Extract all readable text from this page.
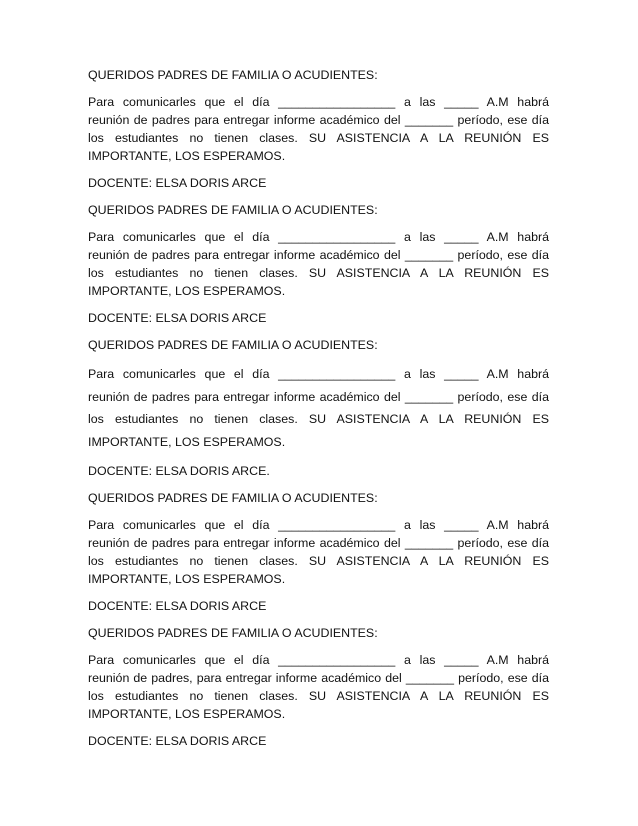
QUERIDOS PADRES DE FAMILIA O ACUDIENTES:

Para comunicarles que el día _________________ a las _____ A.M habrá
reunión de padres para entregar informe académico del _______ período, ese día
los estudiantes no tienen clases. SU ASISTENCIA A LA REUNIÓN ES
IMPORTANTE, LOS ESPERAMOS.

DOCENTE: ELSA DORIS ARCE

QUERIDOS PADRES DE FAMILIA O ACUDIENTES:

Para comunicarles que el día _________________ a las _____ A.M habrá
reunión de padres para entregar informe académico del _______ período, ese día
los estudiantes no tienen clases. SU ASISTENCIA A LA REUNIÓN ES
IMPORTANTE, LOS ESPERAMOS.

DOCENTE: ELSA DORIS ARCE

QUERIDOS PADRES DE FAMILIA O ACUDIENTES:

Para comunicarles que el día _________________ a las _____ A.M habrá
reunión de padres para entregar informe académico del _______ período, ese día
los estudiantes no tienen clases. SU ASISTENCIA A LA REUNIÓN ES
IMPORTANTE, LOS ESPERAMOS.

DOCENTE: ELSA DORIS ARCE.

QUERIDOS PADRES DE FAMILIA O ACUDIENTES:

Para comunicarles que el día _________________ a las _____ A.M habrá
reunión de padres para entregar informe académico del _______ período, ese día
los estudiantes no tienen clases. SU ASISTENCIA A LA REUNIÓN ES
IMPORTANTE, LOS ESPERAMOS.

DOCENTE: ELSA DORIS ARCE

QUERIDOS PADRES DE FAMILIA O ACUDIENTES:

Para comunicarles que el día _________________ a las _____ A.M habrá
reunión de padres, para entregar informe académico del _______ período, ese día
los estudiantes no tienen clases. SU ASISTENCIA A LA REUNIÓN ES
IMPORTANTE, LOS ESPERAMOS.

DOCENTE: ELSA DORIS ARCE
